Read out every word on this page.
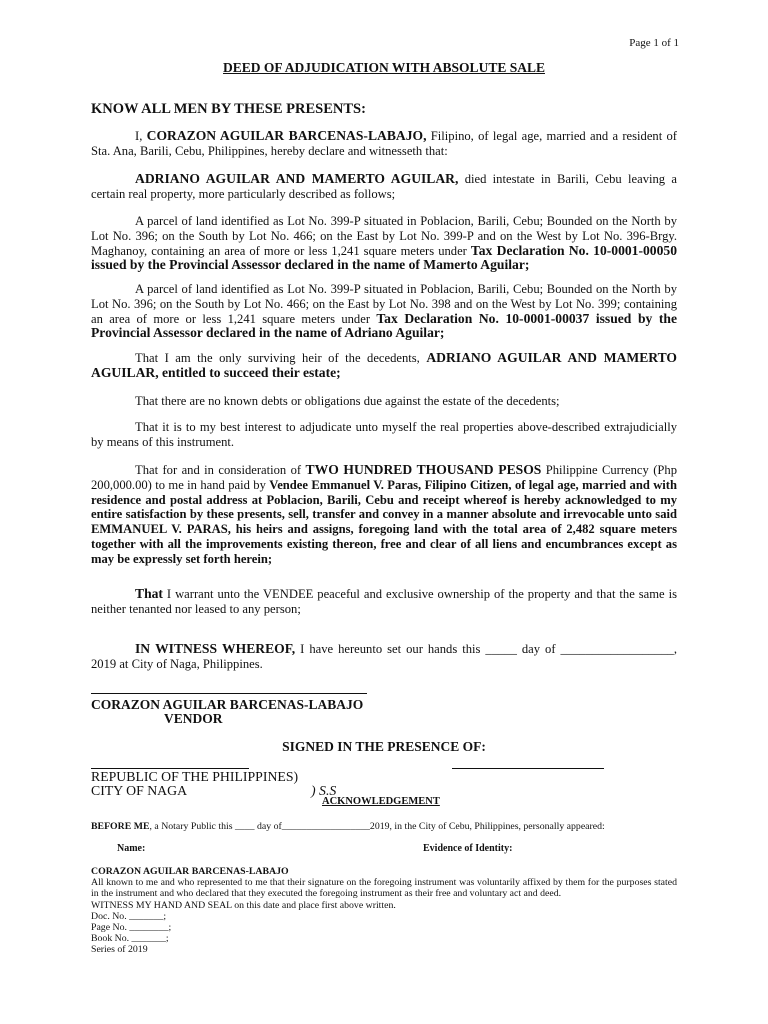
Page 1 of 1
DEED OF ADJUDICATION WITH ABSOLUTE SALE
KNOW ALL MEN BY THESE PRESENTS:

I, CORAZON AGUILAR BARCENAS-LABAJO, Filipino, of legal age, married and a resident of Sta. Ana, Barili, Cebu, Philippines, hereby declare and witnesseth that:

ADRIANO AGUILAR AND MAMERTO AGUILAR, died intestate in Barili, Cebu leaving a certain real property, more particularly described as follows;

A parcel of land identified as Lot No. 399-P situated in Poblacion, Barili, Cebu; Bounded on the North by Lot No. 396; on the South by Lot No. 466; on the East by Lot No. 399-P and on the West by Lot No. 396-Brgy. Maghanoy, containing an area of more or less 1,241 square meters under Tax Declaration No. 10-0001-00050 issued by the Provincial Assessor declared in the name of Mamerto Aguilar;

A parcel of land identified as Lot No. 399-P situated in Poblacion, Barili, Cebu; Bounded on the North by Lot No. 396; on the South by Lot No. 466; on the East by Lot No. 398 and on the West by Lot No. 399; containing an area of more or less 1,241 square meters under Tax Declaration No. 10-0001-00037 issued by the Provincial Assessor declared in the name of Adriano Aguilar;

That I am the only surviving heir of the decedents, ADRIANO AGUILAR AND MAMERTO AGUILAR, entitled to succeed their estate;

That there are no known debts or obligations due against the estate of the decedents;

That it is to my best interest to adjudicate unto myself the real properties above-described extrajudicially by means of this instrument.

That for and in consideration of TWO HUNDRED THOUSAND PESOS Philippine Currency (Php 200,000.00) to me in hand paid by Vendee Emmanuel V. Paras, Filipino Citizen, of legal age, married and with residence and postal address at Poblacion, Barili, Cebu and receipt whereof is hereby acknowledged to my entire satisfaction by these presents, sell, transfer and convey in a manner absolute and irrevocable unto said EMMANUEL V. PARAS, his heirs and assigns, foregoing land with the total area of 2,482 square meters together with all the improvements existing thereon, free and clear of all liens and encumbrances except as may be expressly set forth herein;

That I warrant unto the VENDEE peaceful and exclusive ownership of the property and that the same is neither tenanted nor leased to any person;

IN WITNESS WHEREOF, I have hereunto set our hands this _____ day of __________________, 2019 at City of Naga, Philippines.

CORAZON AGUILAR BARCENAS-LABAJO
VENDOR
SIGNED IN THE PRESENCE OF:
REPUBLIC OF THE PHILIPPINES)
CITY OF NAGA	) S.S
ACKNOWLEDGEMENT
BEFORE ME, a Notary Public this ____ day of__________________2019, in the City of Cebu, Philippines, personally appeared:
Name:	Evidence of Identity:

CORAZON AGUILAR BARCENAS-LABAJO

All known to me and who represented to me that their signature on the foregoing instrument was voluntarily affixed by them for the purposes stated in the instrument and who declared that they executed the foregoing instrument as their free and voluntary act and deed.

WITNESS MY HAND AND SEAL on this date and place first above written.

Doc. No. _______;

Page No. ________;

Book No. _______;

Series of 2019
